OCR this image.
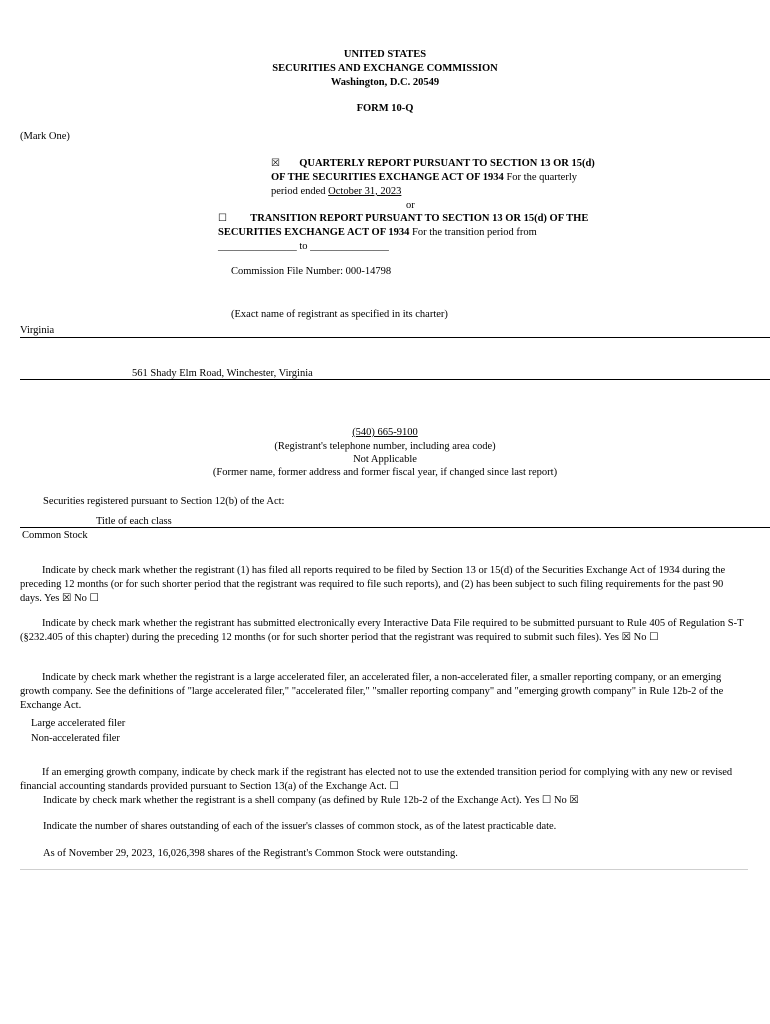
UNITED STATES
SECURITIES AND EXCHANGE COMMISSION
Washington, D.C. 20549
FORM 10-Q
(Mark One)
☒ QUARTERLY REPORT PURSUANT TO SECTION 13 OR 15(d)
OF THE SECURITIES EXCHANGE ACT OF 1934 For the quarterly
period ended October 31, 2023
or
☐ TRANSITION REPORT PURSUANT TO SECTION 13 OR 15(d) OF THE
SECURITIES EXCHANGE ACT OF 1934 For the transition period from
_______________ to _______________
Commission File Number: 000-14798
(Exact name of registrant as specified in its charter)
Virginia
561 Shady Elm Road, Winchester, Virginia
(540) 665-9100
(Registrant's telephone number, including area code)
Not Applicable
(Former name, former address and former fiscal year, if changed since last report)
Securities registered pursuant to Section 12(b) of the Act:
Title of each class
Common Stock
Indicate by check mark whether the registrant (1) has filed all reports required to be filed by Section 13 or 15(d) of the Securities Exchange Act of 1934 during the preceding 12 months (or for such shorter period that the registrant was required to file such reports), and (2) has been subject to such filing requirements for the past 90 days. Yes ☒ No ☐
Indicate by check mark whether the registrant has submitted electronically every Interactive Data File required to be submitted pursuant to Rule 405 of Regulation S-T (§232.405 of this chapter) during the preceding 12 months (or for such shorter period that the registrant was required to submit such files). Yes ☒ No ☐
Indicate by check mark whether the registrant is a large accelerated filer, an accelerated filer, a non-accelerated filer, a smaller reporting company, or an emerging growth company. See the definitions of "large accelerated filer," "accelerated filer," "smaller reporting company" and "emerging growth company" in Rule 12b-2 of the Exchange Act.
Large accelerated filer
Non-accelerated filer
If an emerging growth company, indicate by check mark if the registrant has elected not to use the extended transition period for complying with any new or revised financial accounting standards provided pursuant to Section 13(a) of the Exchange Act. ☐
Indicate by check mark whether the registrant is a shell company (as defined by Rule 12b-2 of the Exchange Act). Yes ☐ No ☒
Indicate the number of shares outstanding of each of the issuer's classes of common stock, as of the latest practicable date.
As of November 29, 2023, 16,026,398 shares of the Registrant's Common Stock were outstanding.
